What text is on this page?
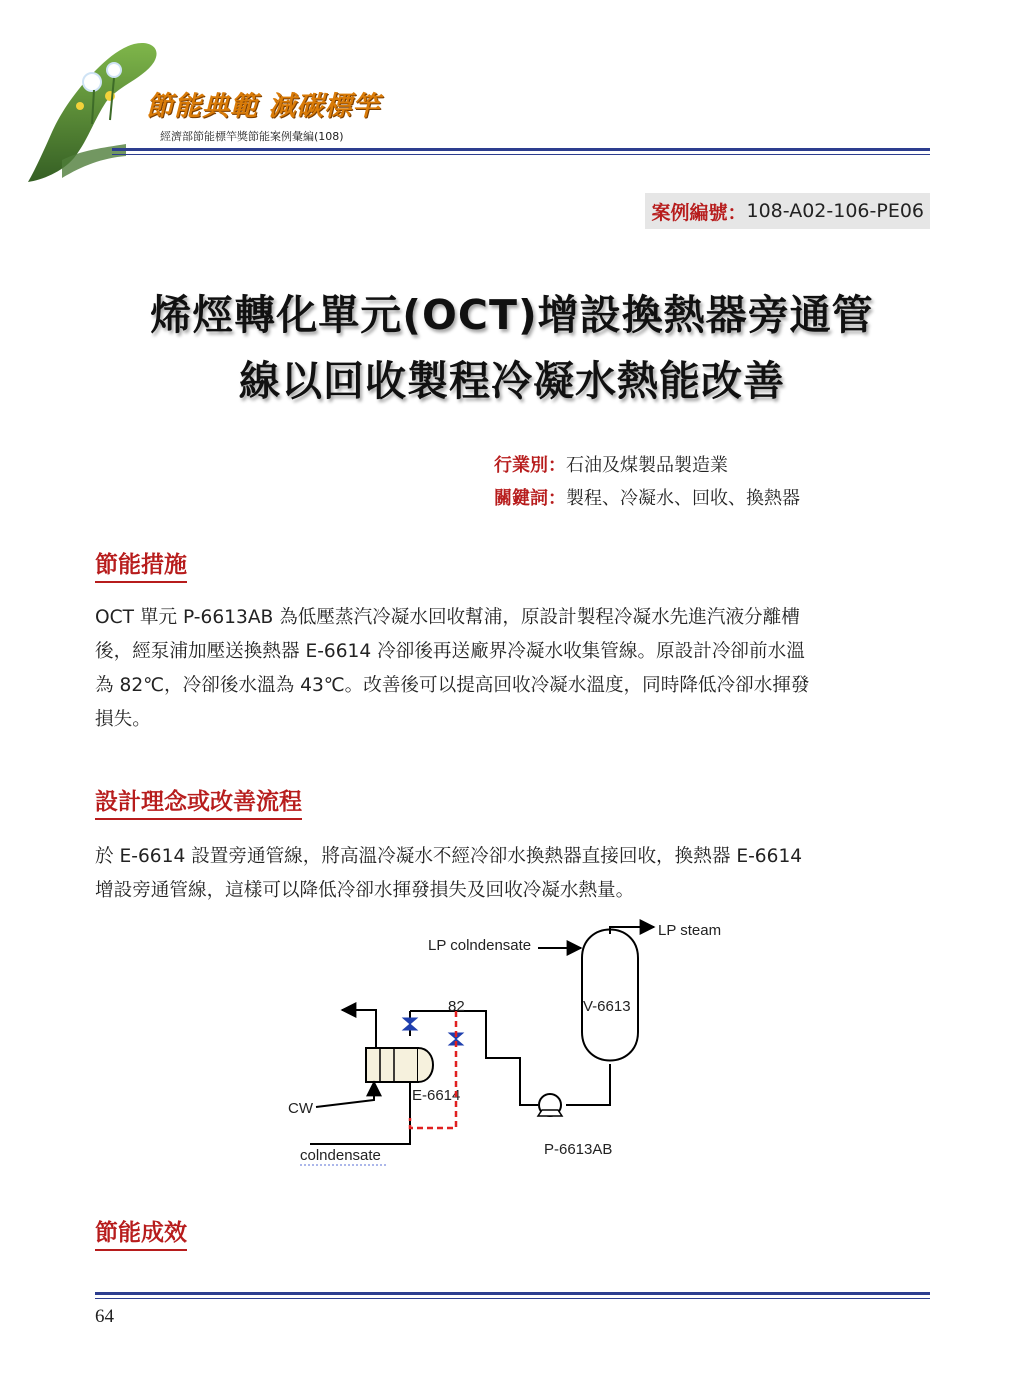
節能典範 減碳標竿
經濟部節能標竿獎節能案例彙編(108)
案例編號： 108-A02-106-PE06
烯烴轉化單元(OCT)增設換熱器旁通管
線以回收製程冷凝水熱能改善
行業別：石油及煤製品製造業
關鍵詞：製程、冷凝水、回收、換熱器
節能措施
OCT 單元 P-6613AB 為低壓蒸汽冷凝水回收幫浦，原設計製程冷凝水先進汽液分離槽
後，經泵浦加壓送換熱器 E-6614 冷卻後再送廠界冷凝水收集管線。原設計冷卻前水溫
為 82℃，冷卻後水溫為 43℃。改善後可以提高回收冷凝水溫度，同時降低冷卻水揮發
損失。
設計理念或改善流程
於 E-6614 設置旁通管線，將高溫冷凝水不經冷卻水換熱器直接回收，換熱器 E-6614
增設旁通管線，這樣可以降低冷卻水揮發損失及回收冷凝水熱量。
LP colndensate
V-6613
LP steam
P-6613AB
82
E-6614
CW
colndensate
節能成效
64
